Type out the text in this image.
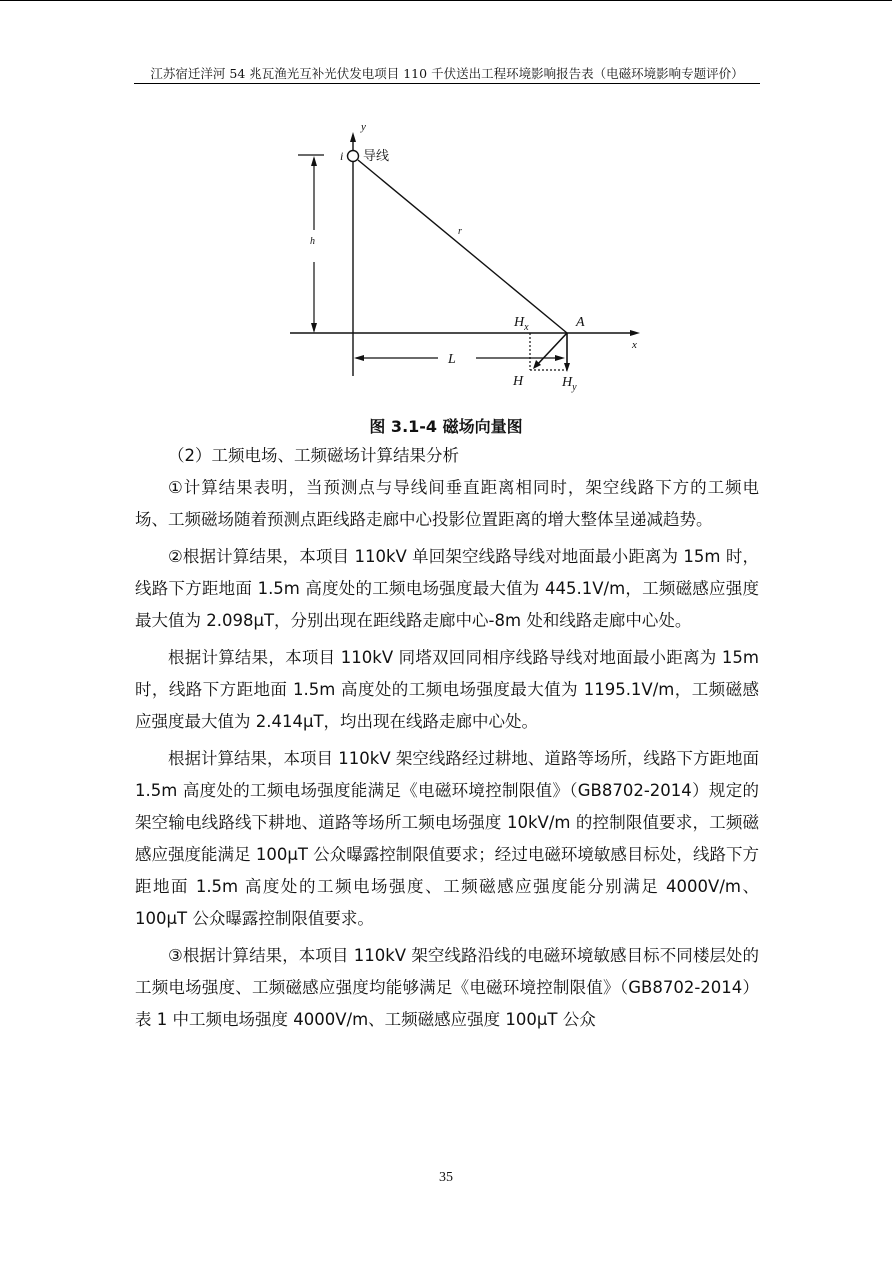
江苏宿迁洋河 54 兆瓦渔光互补光伏发电项目 110 千伏送出工程环境影响报告表（电磁环境影响专题评价）
y
x
i 导线
h
r
$H_x$	A
L
H	$H_y$
图 3.1-4 磁场向量图

（2）工频电场、工频磁场计算结果分析

①计算结果表明，当预测点与导线间垂直距离相同时，架空线路下方的工频电场、工频磁场随着预测点距线路走廊中心投影位置距离的增大整体呈递减趋势。

②根据计算结果，本项目 110kV 单回架空线路导线对地面最小距离为 15m 时，线路下方距地面 1.5m 高度处的工频电场强度最大值为 445.1V/m，工频磁感应强度最大值为 2.098μT，分别出现在距线路走廊中心-8m 处和线路走廊中心处。

根据计算结果，本项目 110kV 同塔双回同相序线路导线对地面最小距离为 15m 时，线路下方距地面 1.5m 高度处的工频电场强度最大值为 1195.1V/m，工频磁感应强度最大值为 2.414μT，均出现在线路走廊中心处。

根据计算结果，本项目 110kV 架空线路经过耕地、道路等场所，线路下方距地面 1.5m 高度处的工频电场强度能满足《电磁环境控制限值》（GB8702-2014）规定的架空输电线路线下耕地、道路等场所工频电场强度 10kV/m 的控制限值要求，工频磁感应强度能满足 100μT 公众曝露控制限值要求；经过电磁环境敏感目标处，线路下方距地面 1.5m 高度处的工频电场强度、工频磁感应强度能分别满足 4000V/m、100μT 公众曝露控制限值要求。

③根据计算结果，本项目 110kV 架空线路沿线的电磁环境敏感目标不同楼层处的工频电场强度、工频磁感应强度均能够满足《电磁环境控制限值》（GB8702-2014）表 1 中工频电场强度 4000V/m、工频磁感应强度 100μT 公众

35
